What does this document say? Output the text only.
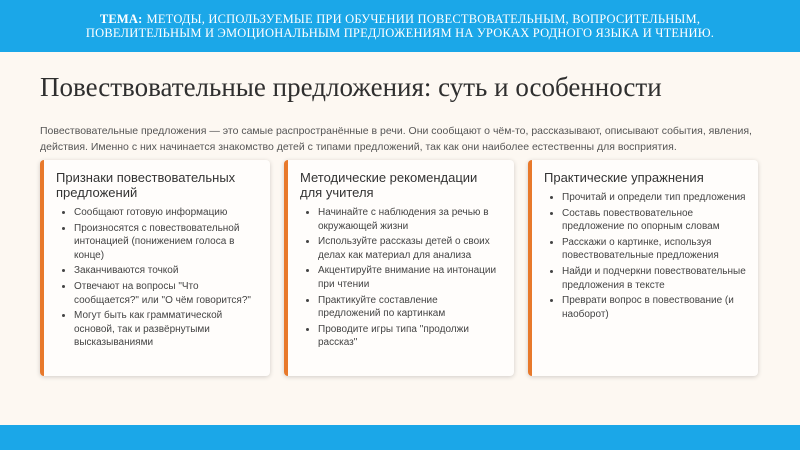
ТЕМА: МЕТОДЫ, ИСПОЛЬЗУЕМЫЕ ПРИ ОБУЧЕНИИ ПОВЕСТВОВАТЕЛЬНЫМ, ВОПРОСИТЕЛЬНЫМ, ПОВЕЛИТЕЛЬНЫМ И ЭМОЦИОНАЛЬНЫМ ПРЕДЛОЖЕНИЯМ НА УРОКАХ РОДНОГО ЯЗЫКА И ЧТЕНИЮ.
Повествовательные предложения: суть и особенности
Повествовательные предложения — это самые распространённые в речи. Они сообщают о чём-то, рассказывают, описывают события, явления, действия. Именно с них начинается знакомство детей с типами предложений, так как они наиболее естественны для восприятия.
Признаки повествовательных предложений
• Сообщают готовую информацию
• Произносятся с повествовательной интонацией (понижением голоса в конце)
• Заканчиваются точкой
• Отвечают на вопросы "Что сообщается?" или "О чём говорится?"
• Могут быть как грамматической основой, так и развёрнутыми высказываниями
Методические рекомендации для учителя
• Начинайте с наблюдения за речью в окружающей жизни
• Используйте рассказы детей о своих делах как материал для анализа
• Акцентируйте внимание на интонации при чтении
• Практикуйте составление предложений по картинкам
• Проводите игры типа "продолжи рассказ"
Практические упражнения
• Прочитай и определи тип предложения
• Составь повествовательное предложение по опорным словам
• Расскажи о картинке, используя повествовательные предложения
• Найди и подчеркни повествовательные предложения в тексте
• Преврати вопрос в повествование (и наоборот)
